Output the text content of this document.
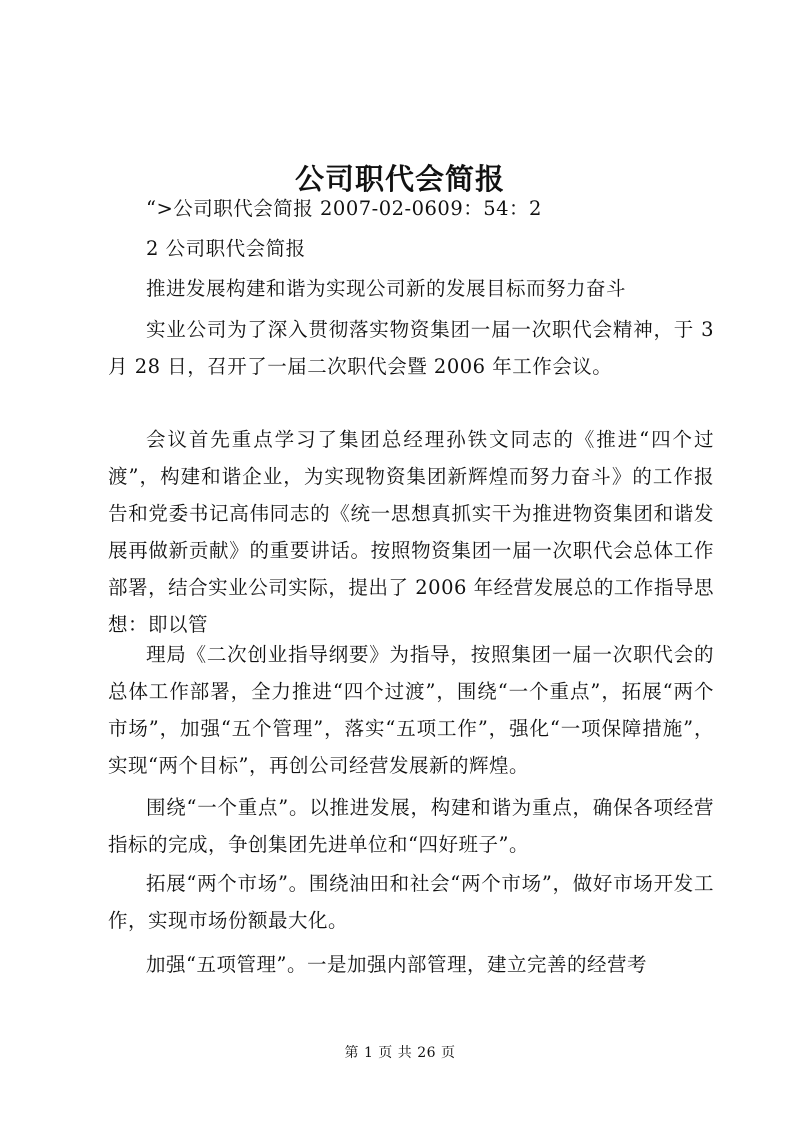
公司职代会简报

“>公司职代会简报 2007-02-0609：54：2

2 公司职代会简报

推进发展构建和谐为实现公司新的发展目标而努力奋斗

实业公司为了深入贯彻落实物资集团一届一次职代会精神，于 3 月 28 日，召开了一届二次职代会暨 2006 年工作会议。

会议首先重点学习了集团总经理孙铁文同志的《推进“四个过渡”，构建和谐企业，为实现物资集团新辉煌而努力奋斗》的工作报告和党委书记高伟同志的《统一思想真抓实干为推进物资集团和谐发展再做新贡献》的重要讲话。按照物资集团一届一次职代会总体工作部署，结合实业公司实际，提出了 2006 年经营发展总的工作指导思想：即以管

理局《二次创业指导纲要》为指导，按照集团一届一次职代会的总体工作部署，全力推进“四个过渡”，围绕“一个重点”，拓展“两个市场”，加强“五个管理”，落实“五项工作”，强化“一项保障措施”，实现“两个目标”，再创公司经营发展新的辉煌。

围绕“一个重点”。以推进发展，构建和谐为重点，确保各项经营指标的完成，争创集团先进单位和“四好班子”。

拓展“两个市场”。围绕油田和社会“两个市场”，做好市场开发工作，实现市场份额最大化。

加强“五项管理”。一是加强内部管理，建立完善的经营考

第 1 页 共 26 页
